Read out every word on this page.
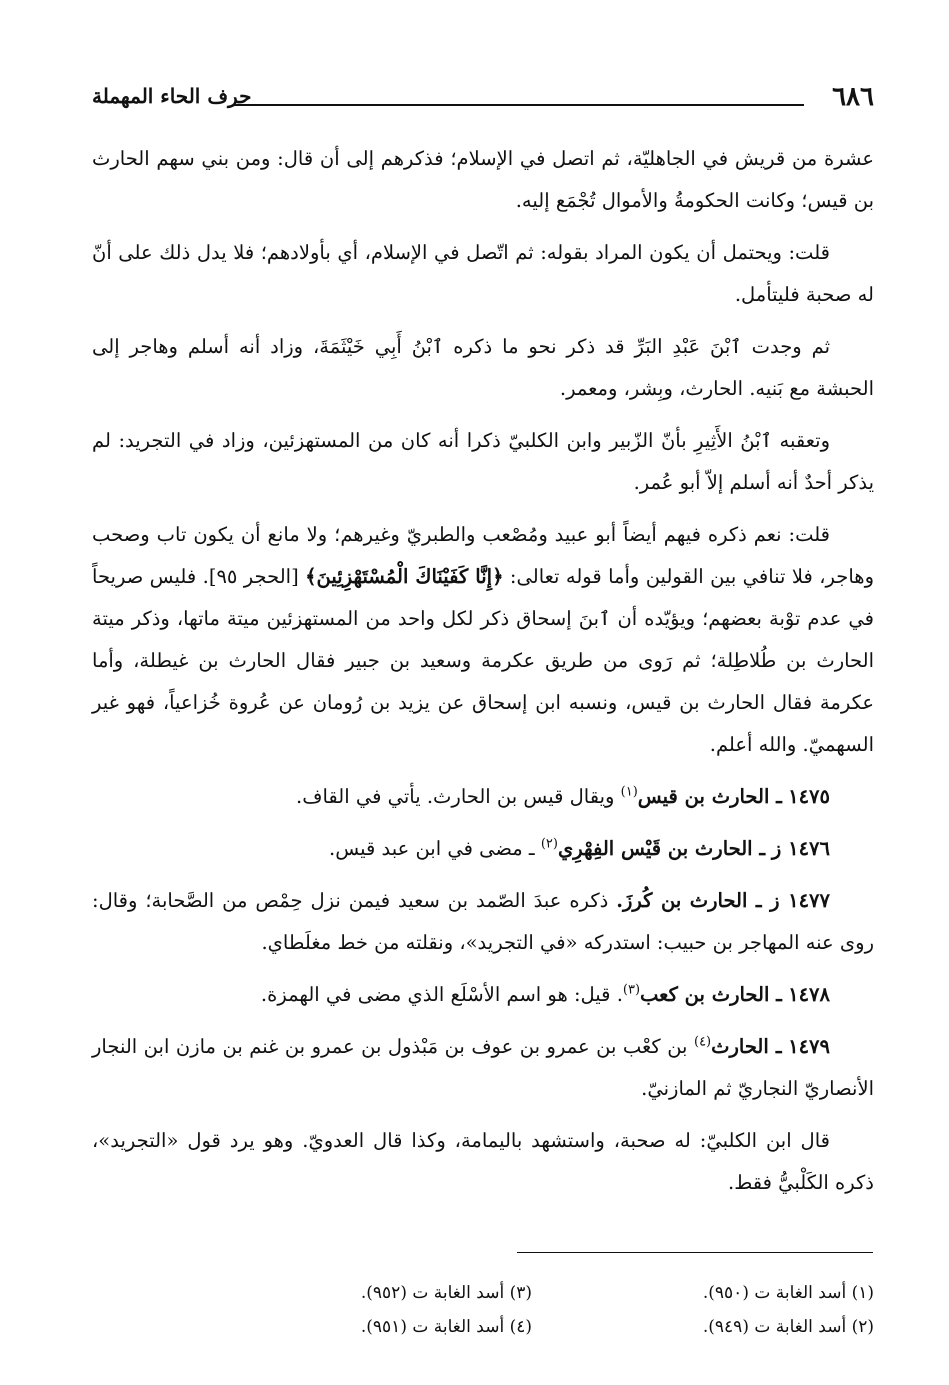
٦٨٦
حرف الحاء المهملة

عشرة من قريش في الجاهليّة، ثم اتصل في الإسلام؛ فذكرهم إلى أن قال: ومن بني سهم الحارث بن قيس؛ وكانت الحكومةُ والأموال تُجْمَع إليه.

قلت: ويحتمل أن يكون المراد بقوله: ثم اتّصل في الإسلام، أي بأولادهم؛ فلا يدل ذلك على أنّ له صحبة فليتأمل.

ثم وجدت ٱبْنَ عَبْدِ البَرِّ قد ذكر نحو ما ذكره ٱبْنُ أَبِي خَيْثَمَةَ، وزاد أنه أسلم وهاجر إلى الحبشة مع بَنيه. الحارث، وبِشر، ومعمر.

وتعقبه ٱبْنُ الأَثِيرِ بأنّ الزّبير وابن الكلبيّ ذكرا أنه كان من المستهزئين، وزاد في التجريد: لم يذكر أحدٌ أنه أسلم إلاّ أبو عُمر.

قلت: نعم ذكره فيهم أيضاً أبو عبيد ومُصْعب والطبريّ وغيرهم؛ ولا مانع أن يكون تاب وصحب وهاجر، فلا تنافي بين القولين وأما قوله تعالى: ﴿إِنَّا كَفَيْنَاكَ الْمُسْتَهْزِئِينَ﴾ [الحجر ٩٥]. فليس صريحاً في عدم توْبة بعضهم؛ ويؤيّده أن ٱبنَ إسحاق ذكر لكل واحد من المستهزئين ميتة ماتها، وذكر ميتة الحارث بن طُلاطِلة؛ ثم رَوى من طريق عكرمة وسعيد بن جبير فقال الحارث بن غيطلة، وأما عكرمة فقال الحارث بن قيس، ونسبه ابن إسحاق عن يزيد بن رُومان عن عُروة خُزاعياً، فهو غير السهميّ. والله أعلم.

١٤٧٥ ـ الحارث بن قيس$^{(١)}$ ويقال قيس بن الحارث. يأتي في القاف.

١٤٧٦ ز ـ الحارث بن قَيْس الفِهْرِي$^{(٢)}$ ـ مضى في ابن عبد قيس.

١٤٧٧ ز ـ الحارث بن كُرزَ. ذكره عبدَ الصّمد بن سعيد فيمن نزل حِمْص من الصَّحابة؛ وقال: روى عنه المهاجر بن حبيب: استدركه «في التجريد»، ونقلته من خط مغلَطاي.

١٤٧٨ ـ الحارث بن كعب$^{(٣)}$. قيل: هو اسم الأسْلَع الذي مضى في الهمزة.

١٤٧٩ ـ الحارث$^{(٤)}$ بن كعْب بن عمرو بن عوف بن مَبْذول بن عمرو بن غنم بن مازن ابن النجار الأنصاريّ النجاريّ ثم المازنيّ.

قال ابن الكلبيّ: له صحبة، واستشهد باليمامة، وكذا قال العدويّ. وهو يرد قول «التجريد»، ذكره الكَلْبيُّ فقط.

(١) أسد الغابة ت (٩٥٠).
(٣) أسد الغابة ت (٩٥٢).
(٢) أسد الغابة ت (٩٤٩).
(٤) أسد الغابة ت (٩٥١).
